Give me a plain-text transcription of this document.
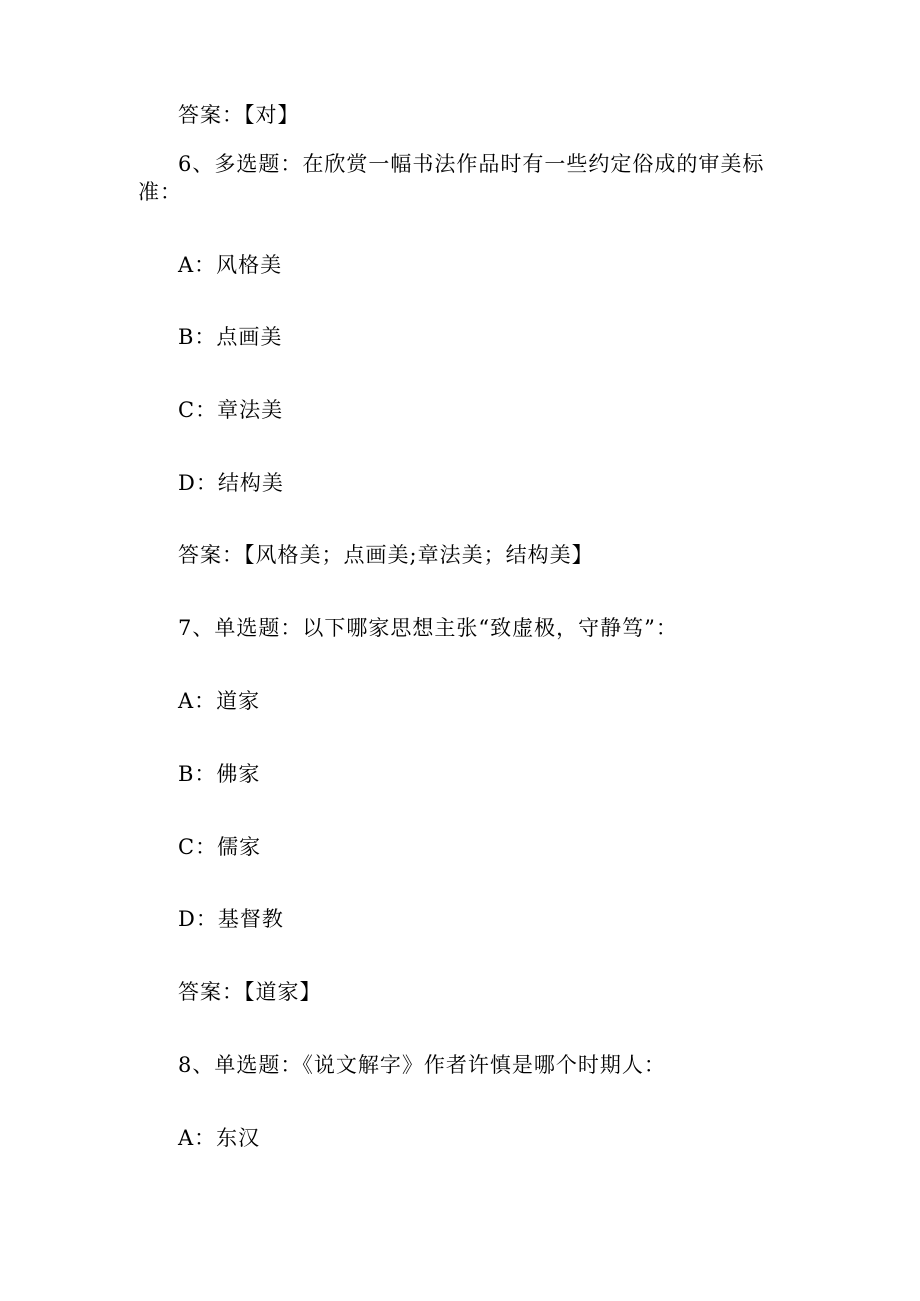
答案：【对】
6、多选题：在欣赏一幅书法作品时有一些约定俗成的审美标
准：
A：风格美
B：点画美
C：章法美
D：结构美
答案：【风格美；点画美;章法美；结构美】
7、单选题：以下哪家思想主张“致虚极，守静笃”：
A：道家
B：佛家
C：儒家
D：基督教
答案：【道家】
8、单选题：《说文解字》作者许慎是哪个时期人：
A：东汉
